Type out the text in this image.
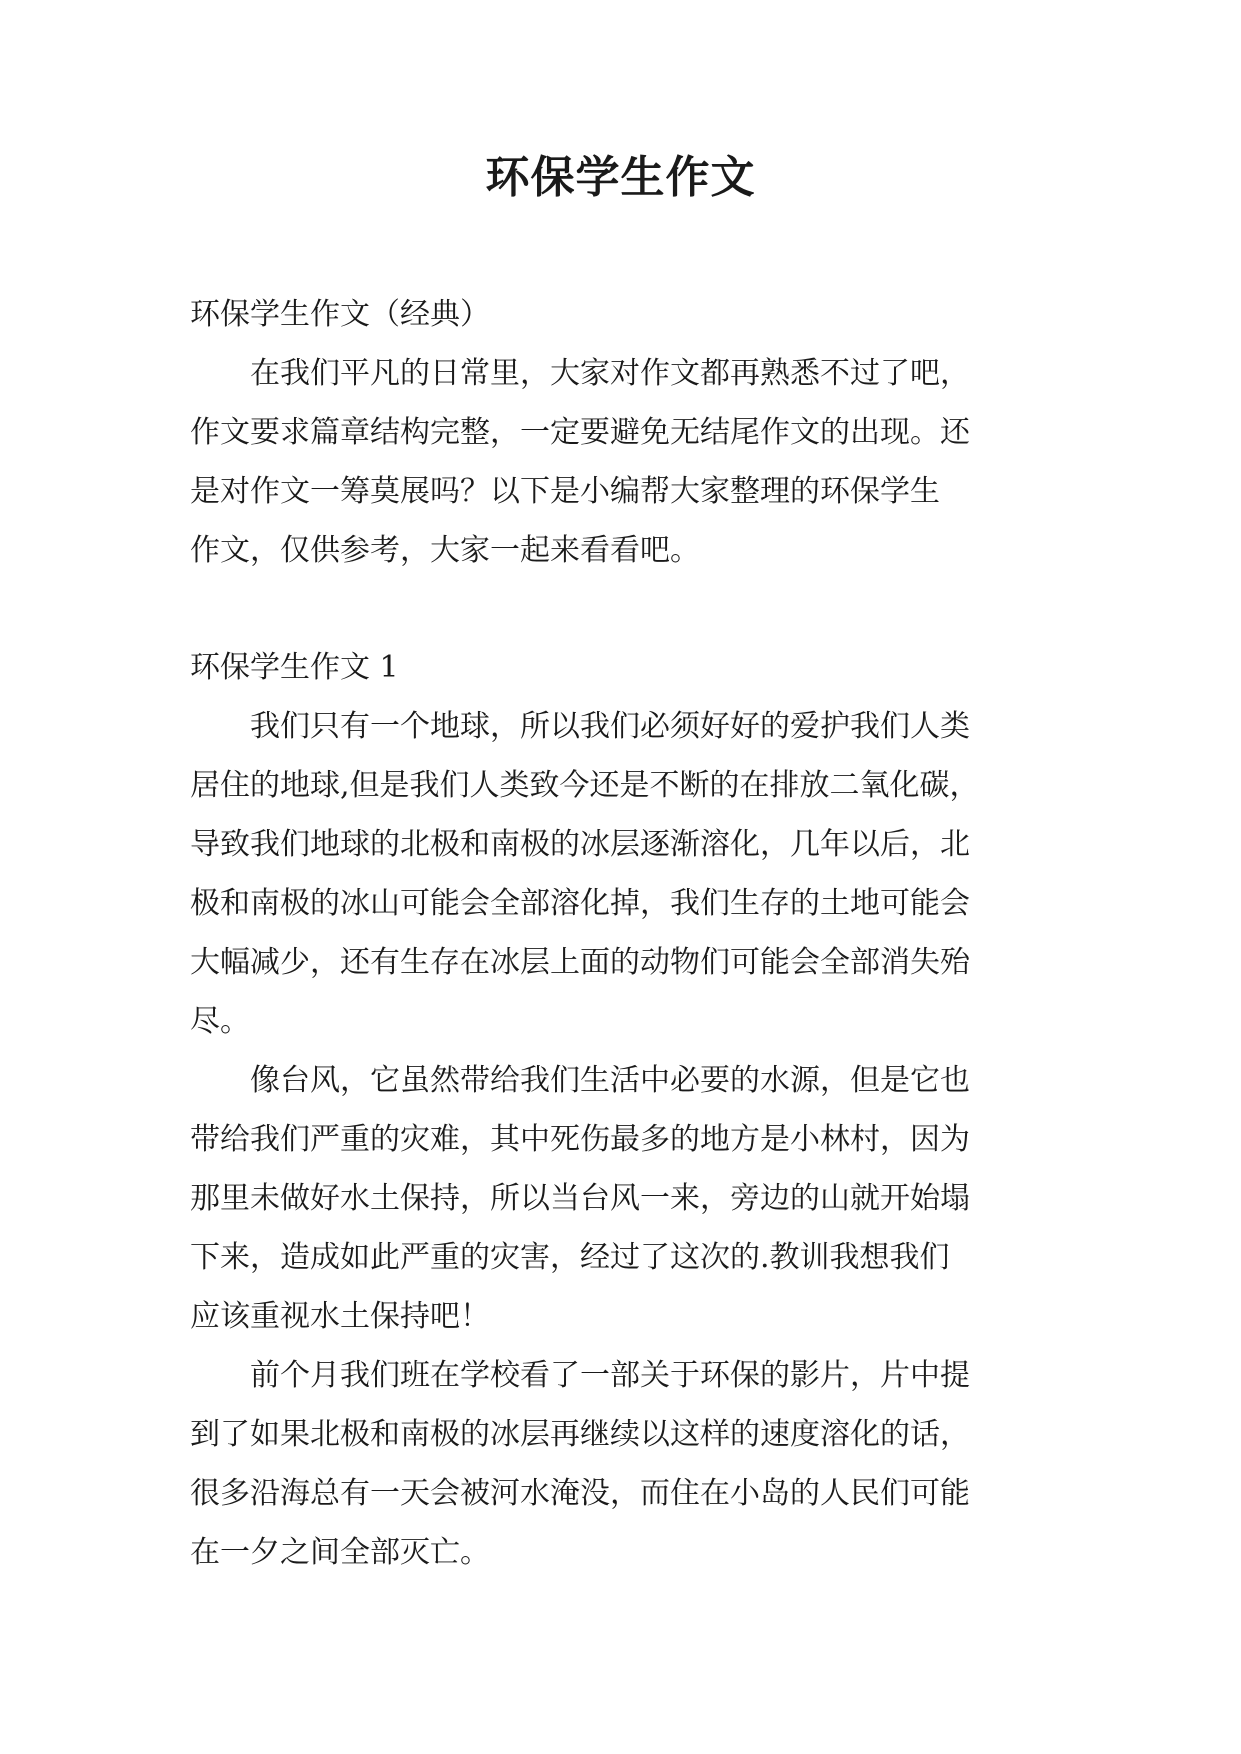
环保学生作文

环保学生作文（经典）

　　在我们平凡的日常里，大家对作文都再熟悉不过了吧，

作文要求篇章结构完整，一定要避免无结尾作文的出现。还

是对作文一筹莫展吗？以下是小编帮大家整理的环保学生

作文，仅供参考，大家一起来看看吧。

环保学生作文 1

　　我们只有一个地球，所以我们必须好好的爱护我们人类

居住的地球,但是我们人类致今还是不断的在排放二氧化碳，

导致我们地球的北极和南极的冰层逐渐溶化，几年以后，北

极和南极的冰山可能会全部溶化掉，我们生存的土地可能会

大幅减少，还有生存在冰层上面的动物们可能会全部消失殆

尽。

　　像台风，它虽然带给我们生活中必要的水源，但是它也

带给我们严重的灾难，其中死伤最多的地方是小林村，因为

那里未做好水土保持，所以当台风一来，旁边的山就开始塌

下来，造成如此严重的灾害，经过了这次的.教训我想我们

应该重视水土保持吧！

　　前个月我们班在学校看了一部关于环保的影片，片中提

到了如果北极和南极的冰层再继续以这样的速度溶化的话，

很多沿海总有一天会被河水淹没，而住在小岛的人民们可能

在一夕之间全部灭亡。
